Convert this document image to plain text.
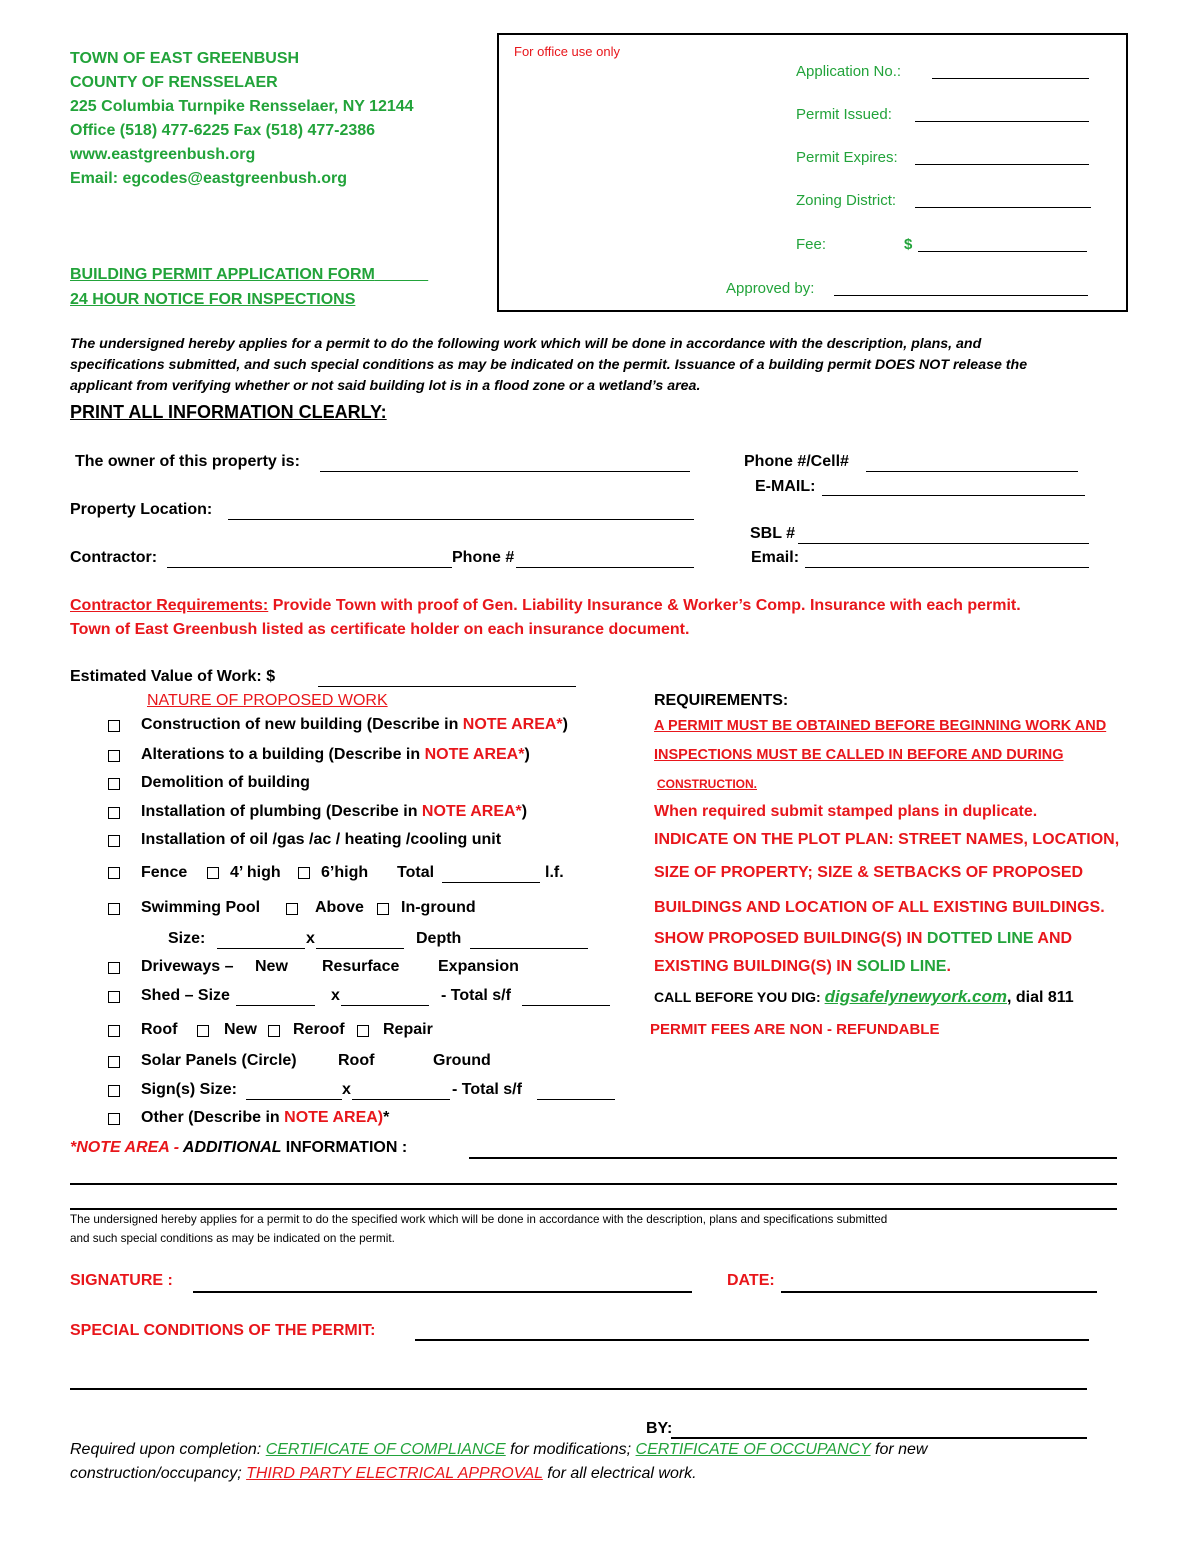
TOWN OF EAST GREENBUSH
COUNTY OF RENSSELAER
225 Columbia Turnpike Rensselaer, NY 12144
Office (518) 477-6225 Fax (518) 477-2386
www.eastgreenbush.org
Email: egcodes@eastgreenbush.org
BUILDING PERMIT APPLICATION FORM
24 HOUR NOTICE FOR INSPECTIONS
For office use only
Application No.:
Permit Issued:
Permit Expires:
Zoning District:
Fee:	$
Approved by:
The undersigned hereby applies for a permit to do the following work which will be done in accordance with the description, plans, and
specifications submitted, and such special conditions as may be indicated on the permit. Issuance of a building permit DOES NOT release the
applicant from verifying whether or not said building lot is in a flood zone or a wetland’s area.
PRINT ALL INFORMATION CLEARLY:
The owner of this property is:	Phone #/Cell#
E-MAIL:
Property Location:
SBL #
Contractor:	Phone #	Email:
Contractor Requirements: Provide Town with proof of Gen. Liability Insurance & Worker’s Comp. Insurance with each permit.
Town of East Greenbush listed as certificate holder on each insurance document.
Estimated Value of Work: $
NATURE OF PROPOSED WORK
Construction of new building (Describe in NOTE AREA*)
Alterations to a building (Describe in NOTE AREA*)
Demolition of building
Installation of plumbing (Describe in NOTE AREA*)
Installation of oil /gas /ac / heating /cooling unit
Fence	4’ high	6’high Total	l.f.
Swimming Pool	Above In-ground
Size:	x	Depth
Driveways – New Resurface Expansion
Shed – Size	x	- Total s/f
Roof	New Reroof Repair
Solar Panels (Circle)	Roof	Ground
Sign(s) Size:	x	- Total s/f
Other (Describe in NOTE AREA)*
REQUIREMENTS:
A PERMIT MUST BE OBTAINED BEFORE BEGINNING WORK AND
INSPECTIONS MUST BE CALLED IN BEFORE AND DURING
CONSTRUCTION.
When required submit stamped plans in duplicate.
INDICATE ON THE PLOT PLAN: STREET NAMES, LOCATION,
SIZE OF PROPERTY; SIZE & SETBACKS OF PROPOSED
BUILDINGS AND LOCATION OF ALL EXISTING BUILDINGS.
SHOW PROPOSED BUILDING(S) IN DOTTED LINE AND
EXISTING BUILDING(S) IN SOLID LINE.
CALL BEFORE YOU DIG: digsafelynewyork.com, dial 811
PERMIT FEES ARE NON - REFUNDABLE
*NOTE AREA - ADDITIONAL INFORMATION :
The undersigned hereby applies for a permit to do the specified work which will be done in accordance with the description, plans and specifications submitted
and such special conditions as may be indicated on the permit.
SIGNATURE :	DATE:
SPECIAL CONDITIONS OF THE PERMIT:
BY:
Required upon completion: CERTIFICATE OF COMPLIANCE for modifications; CERTIFICATE OF OCCUPANCY for new
construction/occupancy; THIRD PARTY ELECTRICAL APPROVAL for all electrical work.
